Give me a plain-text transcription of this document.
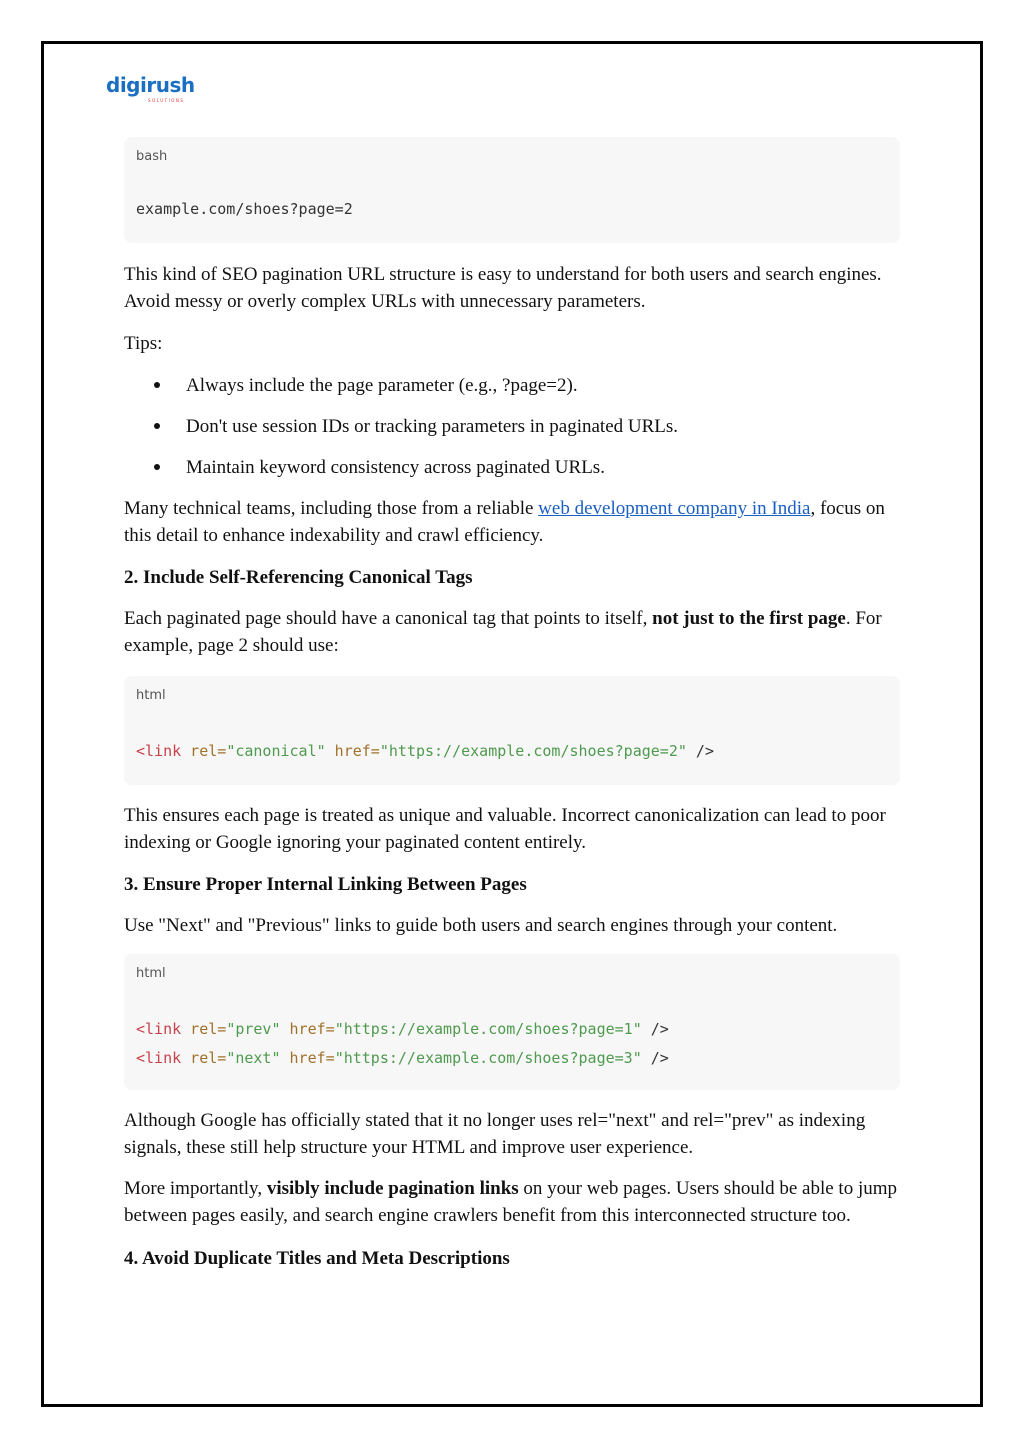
digirush
SOLUTIONS
bash
example.com/shoes?page=2

This kind of SEO pagination URL structure is easy to understand for both users and search engines. Avoid messy or overly complex URLs with unnecessary parameters.

Tips:

Always include the page parameter (e.g., ?page=2).
Don't use session IDs or tracking parameters in paginated URLs.
Maintain keyword consistency across paginated URLs.

Many technical teams, including those from a reliable web development company in India, focus on this detail to enhance indexability and crawl efficiency.

2. Include Self-Referencing Canonical Tags

Each paginated page should have a canonical tag that points to itself, not just to the first page. For example, page 2 should use:

html
<link rel="canonical" href="https://example.com/shoes?page=2" />

This ensures each page is treated as unique and valuable. Incorrect canonicalization can lead to poor indexing or Google ignoring your paginated content entirely.

3. Ensure Proper Internal Linking Between Pages

Use "Next" and "Previous" links to guide both users and search engines through your content.

html
<link rel="prev" href="https://example.com/shoes?page=1" />
<link rel="next" href="https://example.com/shoes?page=3" />

Although Google has officially stated that it no longer uses rel="next" and rel="prev" as indexing signals, these still help structure your HTML and improve user experience.

More importantly, visibly include pagination links on your web pages. Users should be able to jump between pages easily, and search engine crawlers benefit from this interconnected structure too.

4. Avoid Duplicate Titles and Meta Descriptions
